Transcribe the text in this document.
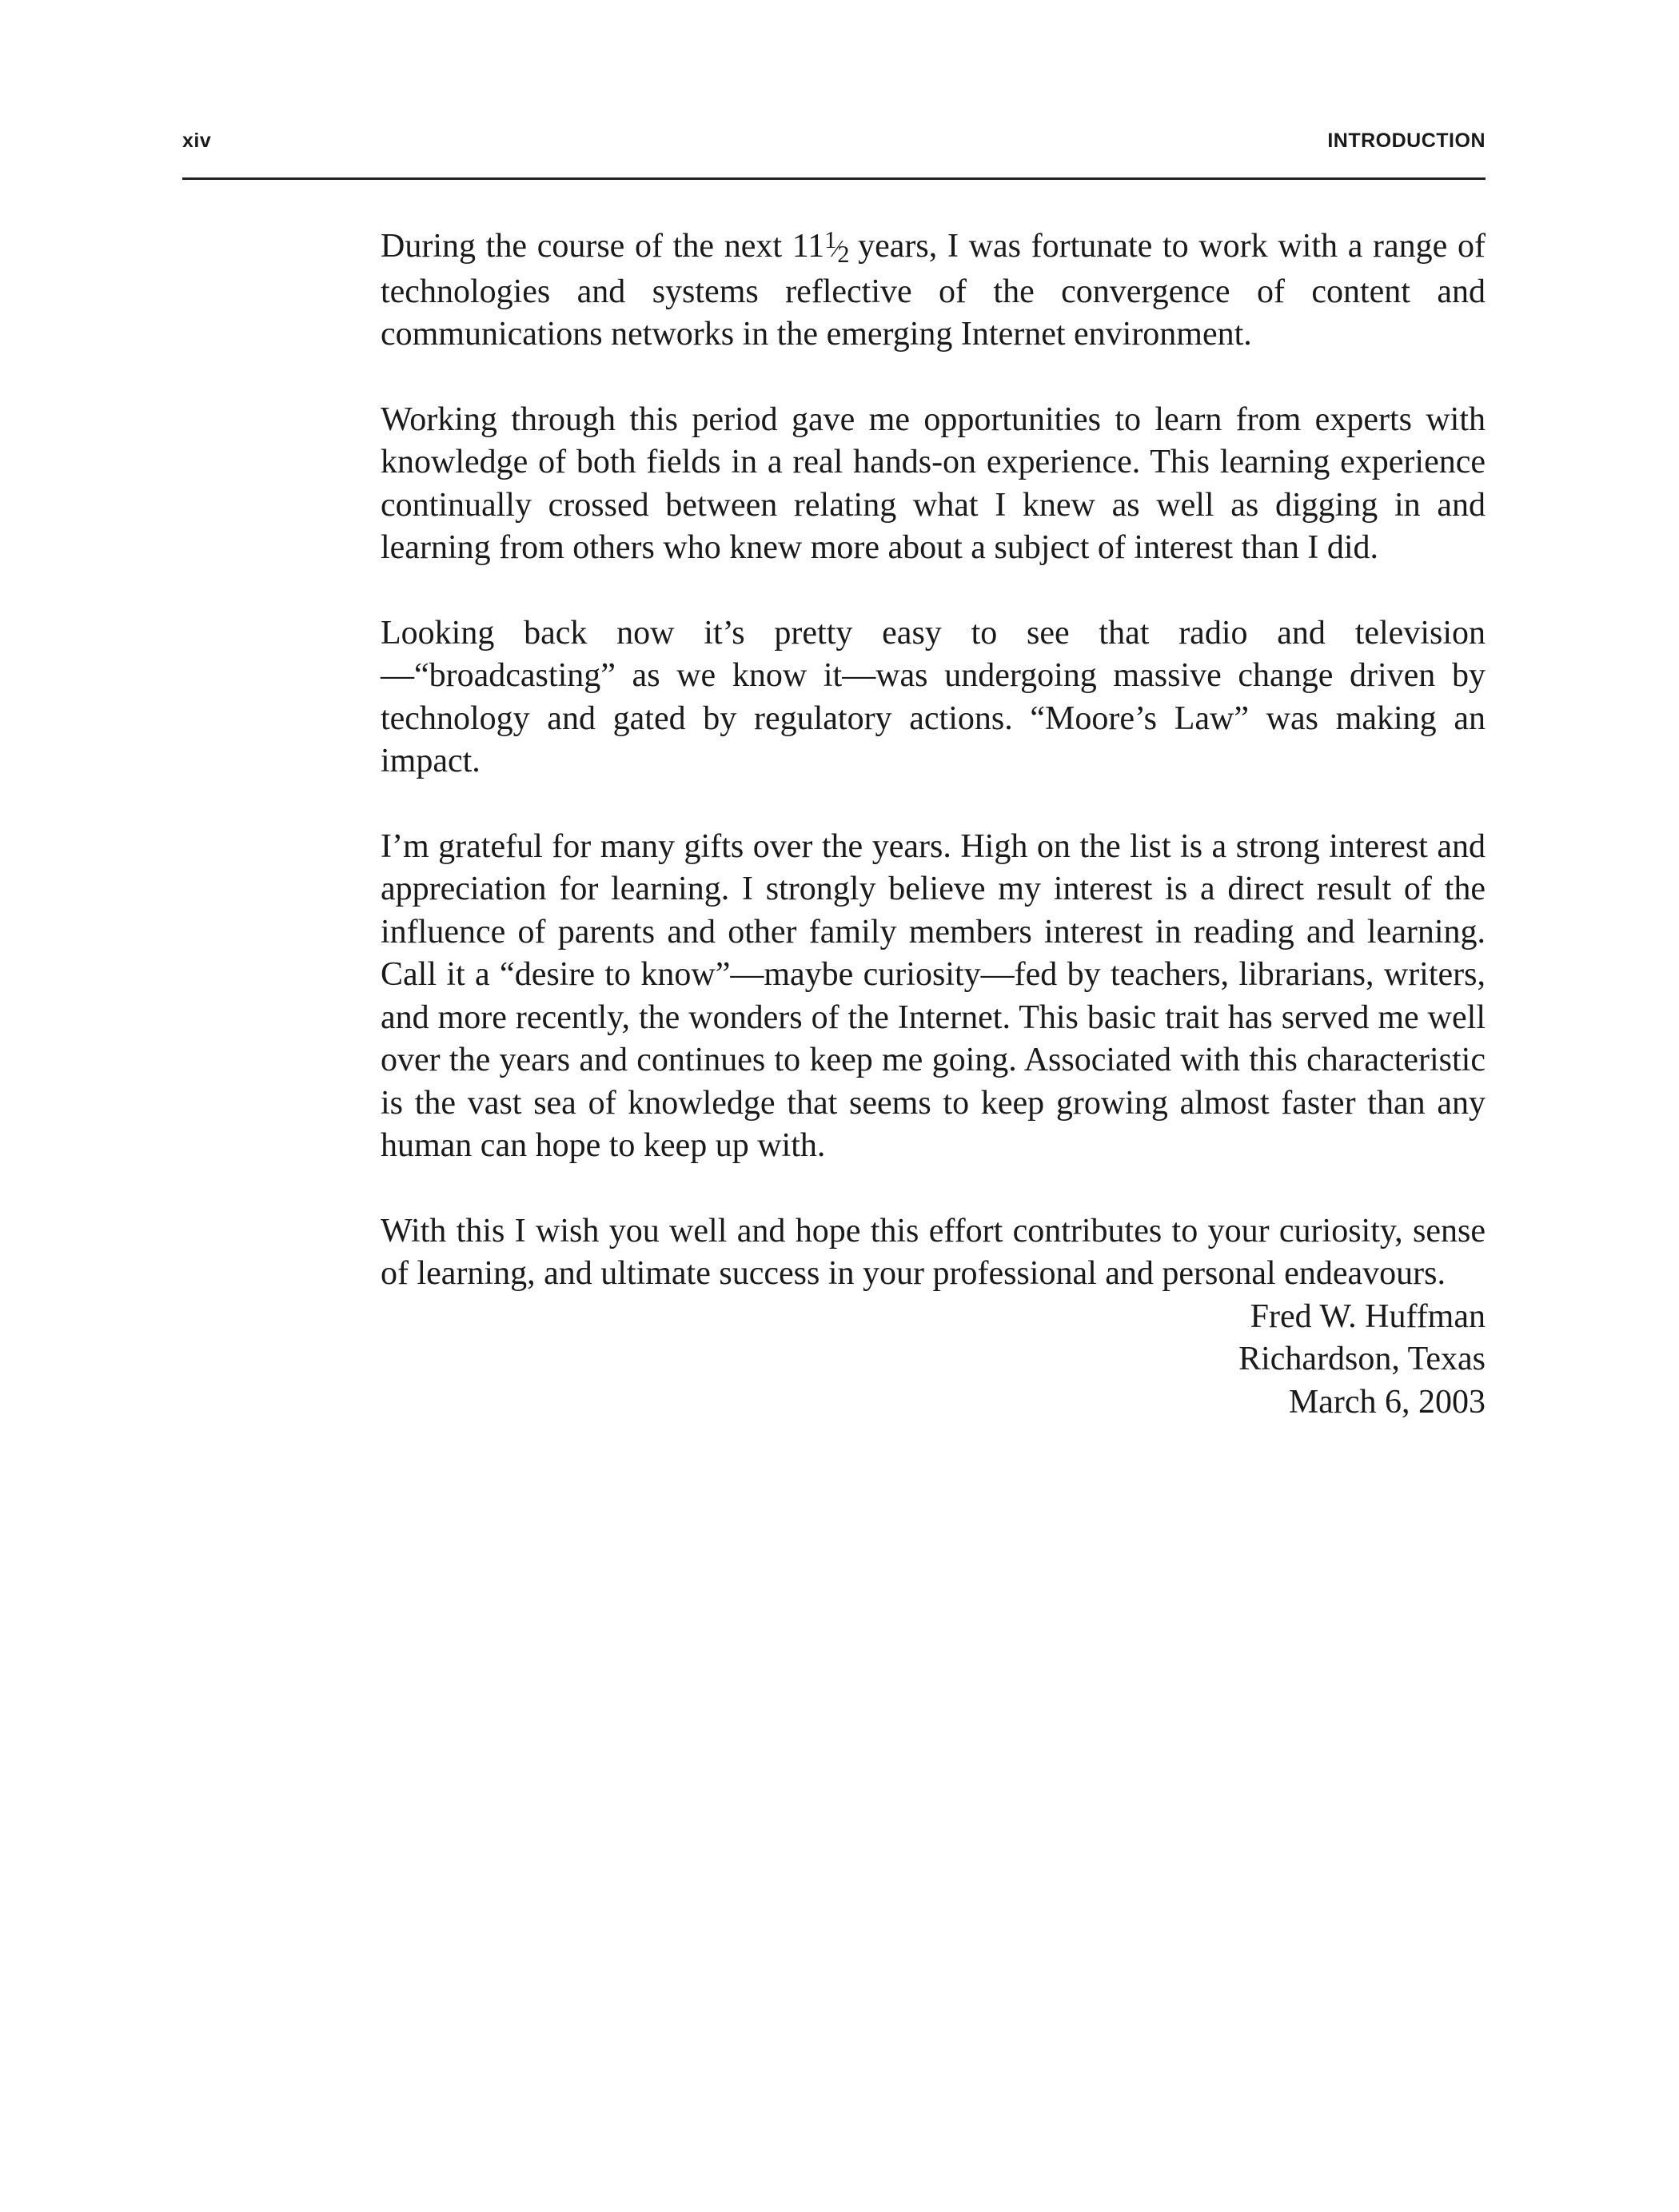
xiv	INTRODUCTION

During the course of the next $11^1⁄_2$ years, I was fortunate to work with a range of technologies and systems reflective of the convergence of content and communications networks in the emerging Internet environment.

Working through this period gave me opportunities to learn from experts with knowledge of both fields in a real hands-on experience. This learning experience continually crossed between relating what I knew as well as digging in and learning from others who knew more about a subject of interest than I did.

Looking back now it’s pretty easy to see that radio and television—“broadcasting” as we know it—was undergoing massive change driven by technology and gated by regulatory actions. “Moore’s Law” was making an impact.

I’m grateful for many gifts over the years. High on the list is a strong interest and appreciation for learning. I strongly believe my interest is a direct result of the influence of parents and other family members interest in reading and learning. Call it a “desire to know”—maybe curiosity—fed by teachers, librarians, writers, and more recently, the wonders of the Internet. This basic trait has served me well over the years and continues to keep me going. Associated with this characteristic is the vast sea of knowledge that seems to keep growing almost faster than any human can hope to keep up with.

With this I wish you well and hope this effort contributes to your curiosity, sense of learning, and ultimate success in your professional and personal endeavours.

Fred W. Huffman
Richardson, Texas
March 6, 2003
